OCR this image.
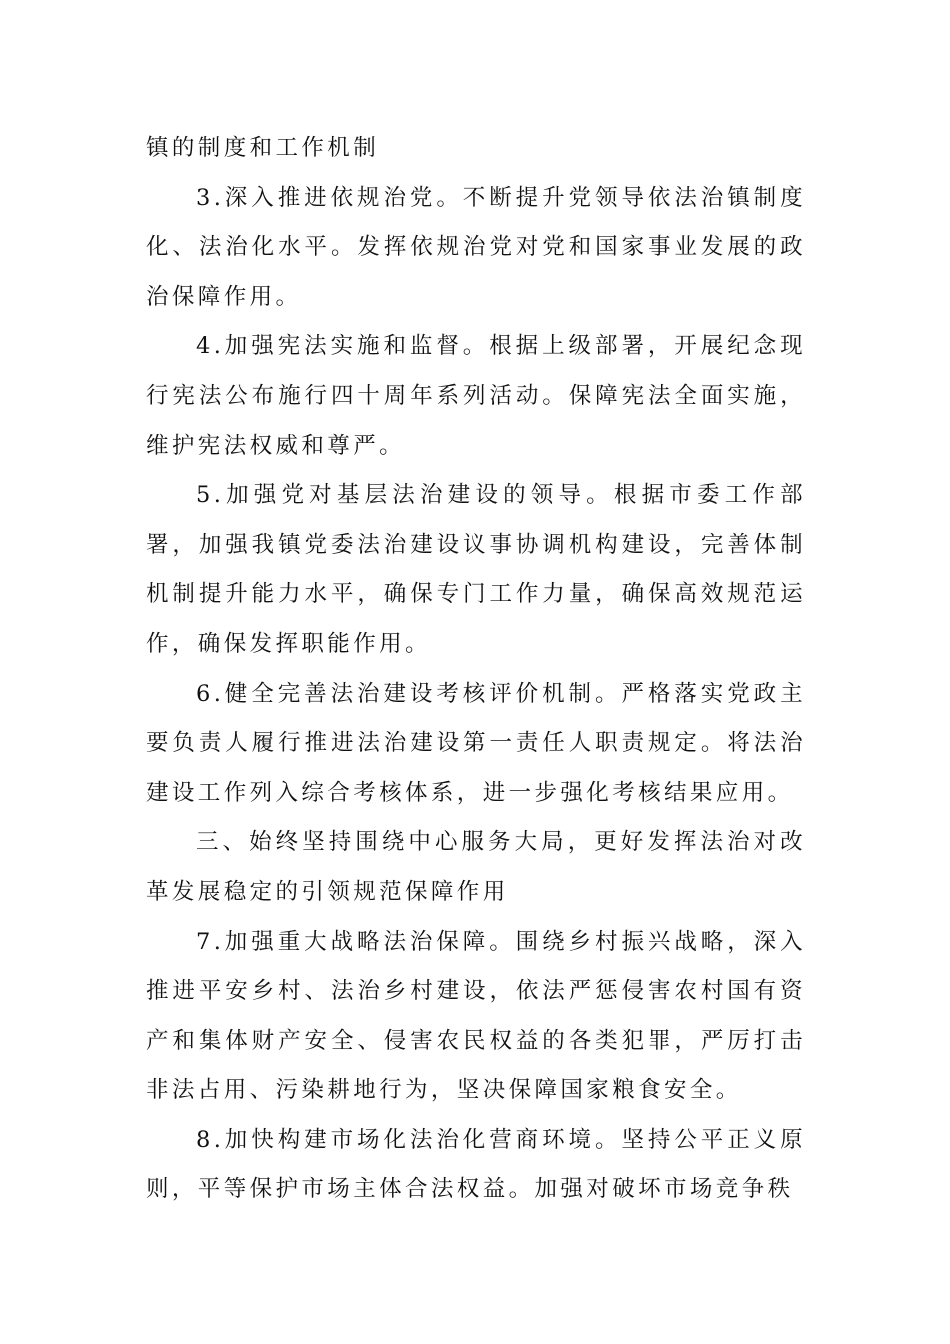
镇的制度和工作机制

3.深入推进依规治党。不断提升党领导依法治镇制度化、法治化水平。发挥依规治党对党和国家事业发展的政治保障作用。

4.加强宪法实施和监督。根据上级部署，开展纪念现行宪法公布施行四十周年系列活动。保障宪法全面实施，维护宪法权威和尊严。

5.加强党对基层法治建设的领导。根据市委工作部署，加强我镇党委法治建设议事协调机构建设，完善体制机制提升能力水平，确保专门工作力量，确保高效规范运作，确保发挥职能作用。

6.健全完善法治建设考核评价机制。严格落实党政主要负责人履行推进法治建设第一责任人职责规定。将法治建设工作列入综合考核体系，进一步强化考核结果应用。

三、始终坚持围绕中心服务大局，更好发挥法治对改革发展稳定的引领规范保障作用

7.加强重大战略法治保障。围绕乡村振兴战略，深入推进平安乡村、法治乡村建设，依法严惩侵害农村国有资产和集体财产安全、侵害农民权益的各类犯罪，严厉打击非法占用、污染耕地行为，坚决保障国家粮食安全。

8.加快构建市场化法治化营商环境。坚持公平正义原则，平等保护市场主体合法权益。加强对破坏市场竞争秩
